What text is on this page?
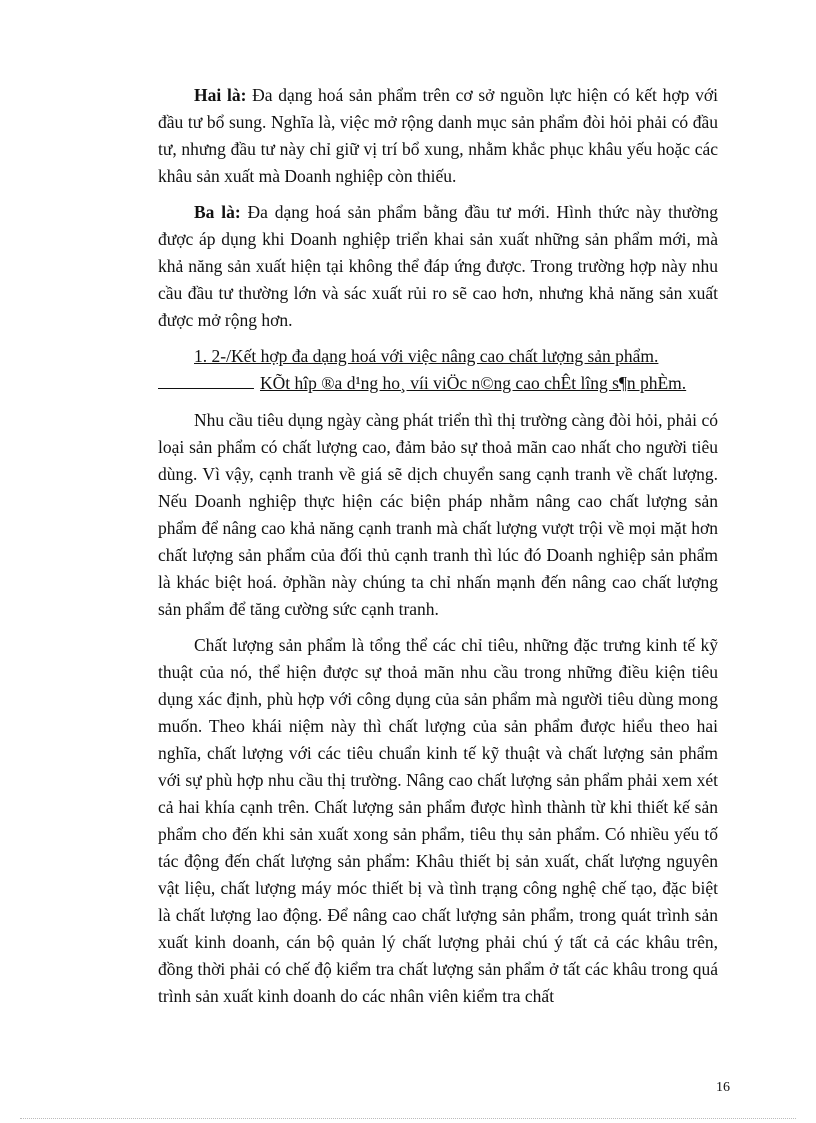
Hai là: Đa dạng hoá sản phẩm trên cơ sở nguồn lực hiện có kết hợp với đầu tư bổ sung. Nghĩa là, việc mở rộng danh mục sản phẩm đòi hỏi phải có đầu tư, nhưng đầu tư này chỉ giữ vị trí bổ xung, nhằm khắc phục khâu yếu hoặc các khâu sản xuất mà Doanh nghiệp còn thiếu.

Ba là: Đa dạng hoá sản phẩm bằng đầu tư mới. Hình thức này thường được áp dụng khi Doanh nghiệp triển khai sản xuất những sản phẩm mới, mà khả năng sản xuất hiện tại không thể đáp ứng được. Trong trường hợp này nhu cầu đầu tư thường lớn và sác xuất rủi ro sẽ cao hơn, nhưng khả năng sản xuất được mở rộng hơn.

1. 2-/Kết hợp đa dạng hoá với việc nâng cao chất lượng sản phẩm.

KÕt hîp ®a d¹ng ho¸ víi viÖc n©ng cao chÊt lîng s¶n phÈm.

Nhu cầu tiêu dụng ngày càng phát triển thì thị trường càng đòi hỏi, phải có loại sản phẩm có chất lượng cao, đảm bảo sự thoả mãn cao nhất cho người tiêu dùng. Vì vậy, cạnh tranh về giá sẽ dịch chuyển sang cạnh tranh về chất lượng. Nếu Doanh nghiệp thực hiện các biện pháp nhằm nâng cao chất lượng sản phẩm để nâng cao khả năng cạnh tranh mà chất lượng vượt trội về mọi mặt hơn chất lượng sản phẩm của đối thủ cạnh tranh thì lúc đó Doanh nghiệp sản phẩm là khác biệt hoá. ởphần này chúng ta chỉ nhấn mạnh đến nâng cao chất lượng sản phẩm để tăng cường sức cạnh tranh.

Chất lượng sản phẩm là tổng thể các chỉ tiêu, những đặc trưng kinh tế kỹ thuật của nó, thể hiện được sự thoả mãn nhu cầu trong những điều kiện tiêu dụng xác định, phù hợp với công dụng của sản phẩm mà người tiêu dùng mong muốn. Theo khái niệm này thì chất lượng của sản phẩm được hiểu theo hai nghĩa, chất lượng với các tiêu chuẩn kinh tế kỹ thuật và chất lượng sản phẩm với sự phù hợp nhu cầu thị trường. Nâng cao chất lượng sản phẩm phải xem xét cả hai khía cạnh trên. Chất lượng sản phẩm được hình thành từ khi thiết kế sản phẩm cho đến khi sản xuất xong sản phẩm, tiêu thụ sản phẩm. Có nhiều yếu tố tác động đến chất lượng sản phẩm: Khâu thiết bị sản xuất, chất lượng nguyên vật liệu, chất lượng máy móc thiết bị và tình trạng công nghệ chế tạo, đặc biệt là chất lượng lao động. Để nâng cao chất lượng sản phẩm, trong quát trình sản xuất kinh doanh, cán bộ quản lý chất lượng phải chú ý tất cả các khâu trên, đồng thời phải có chế độ kiểm tra chất lượng sản phẩm ở tất các khâu trong quá trình sản xuất kinh doanh do các nhân viên kiểm tra chất

16
